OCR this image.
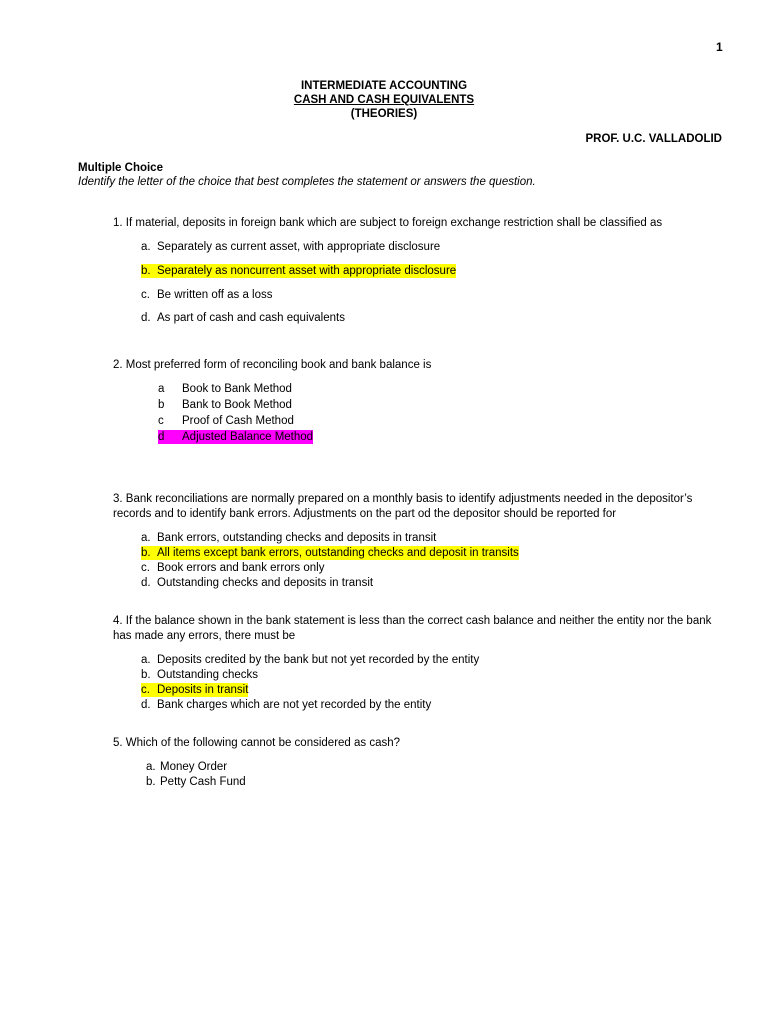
1
INTERMEDIATE ACCOUNTING
CASH AND CASH EQUIVALENTS
(THEORIES)
PROF. U.C. VALLADOLID
Multiple Choice
Identify the letter of the choice that best completes the statement or answers the question.
1. If material, deposits in foreign bank which are subject to foreign exchange restriction shall be classified as
a. Separately as current asset, with appropriate disclosure
b. Separately as noncurrent asset with appropriate disclosure
c. Be written off as a loss
d. As part of cash and cash equivalents
2. Most preferred form of reconciling book and bank balance is
a Book to Bank Method
b Bank to Book Method
c Proof of Cash Method
d Adjusted Balance Method
3. Bank reconciliations are normally prepared on a monthly basis to identify adjustments needed in the depositor’s
records and to identify bank errors. Adjustments on the part od the depositor should be reported for
a. Bank errors, outstanding checks and deposits in transit
b. All items except bank errors, outstanding checks and deposit in transits
c. Book errors and bank errors only
d. Outstanding checks and deposits in transit
4. If the balance shown in the bank statement is less than the correct cash balance and neither the entity nor the bank
has made any errors, there must be
a. Deposits credited by the bank but not yet recorded by the entity
b. Outstanding checks
c. Deposits in transit
d. Bank charges which are not yet recorded by the entity
5. Which of the following cannot be considered as cash?
a. Money Order
b. Petty Cash Fund
